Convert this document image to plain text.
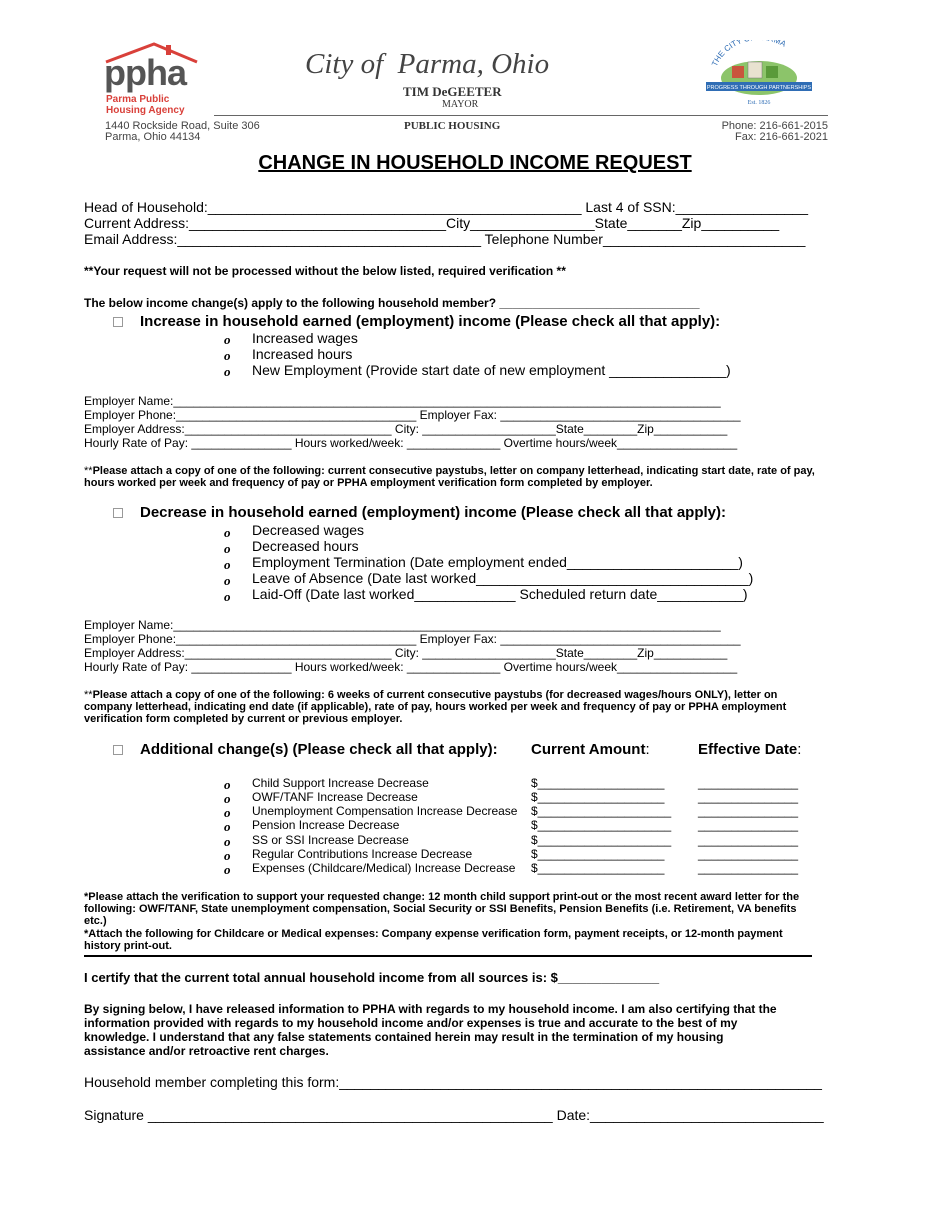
ppha
Parma Public
Housing Agency
City of  Parma, Ohio
TIM DeGEETER
MAYOR
THE CITY MA
PROGRESS THROUGH PARTNERSHIPS
Est. 1826
1440 Rockside Road, Suite 306
Parma, Ohio 44134
PUBLIC HOUSING	Phone: 216-661-2015
Fax: 216-661-2021
CHANGE IN HOUSEHOLD INCOME REQUEST
Head of Household:________________________________________________ Last 4 of SSN:_________________
Current Address:_________________________________City________________State_______Zip__________
Email Address:_______________________________________ Telephone Number__________________________
**Your request will not be processed without the below listed, required verification **
The below income change(s) apply to the following household member? ______________________________
Increase in household earned (employment) income (Please check all that apply):
o Increased wages
o Increased hours
o New Employment (Provide start date of new employment _______________)
Employer Name:__________________________________________________________________________________
Employer Phone:____________________________________ Employer Fax: ____________________________________
Employer Address:_______________________________ City: ____________________State________Zip___________
Hourly Rate of Pay: _______________ Hours worked/week: ______________ Overtime hours/week__________________
**Please attach a copy of one of the following: current consecutive paystubs, letter on company letterhead, indicating start date, rate of pay,
hours worked per week and frequency of pay or PPHA employment verification form completed by employer.
Decrease in household earned (employment) income (Please check all that apply):
o Decreased wages
o Decreased hours
o Employment Termination (Date employment ended______________________)
o Leave of Absence (Date last worked___________________________________)
o Laid-Off (Date last worked_____________ Scheduled return date___________)
Employer Name:__________________________________________________________________________________
Employer Phone:____________________________________ Employer Fax: ____________________________________
Employer Address:_______________________________ City: ____________________State________Zip___________
Hourly Rate of Pay: _______________ Hours worked/week: ______________ Overtime hours/week__________________
**Please attach a copy of one of the following: 6 weeks of current consecutive paystubs (for decreased wages/hours ONLY), letter on
company letterhead, indicating end date (if applicable), rate of pay, hours worked per week and frequency of pay or PPHA employment
verification form completed by current or previous employer.
Additional change(s) (Please check all that apply): Current Amount:	Effective Date:
o Child Support Increase Decrease	$___________________	_______________
o OWF/TANF Increase Decrease	$___________________	_______________
o Unemployment Compensation Increase Decrease $____________________ _______________
o Pension Increase Decrease	$____________________ _______________
o SS or SSI Increase Decrease	$____________________ _______________
o Regular Contributions Increase Decrease	$___________________	_______________
o Expenses (Childcare/Medical) Increase Decrease $___________________	_______________
*Please attach the verification to support your requested change: 12 month child support print-out or the most recent award letter for the
following: OWF/TANF, State unemployment compensation, Social Security or SSI Benefits, Pension Benefits (i.e. Retirement, VA benefits
etc.)
*Attach the following for Childcare or Medical expenses: Company expense verification form, payment receipts, or 12-month payment
history print-out.
I certify that the current total annual household income from all sources is: $______________
By signing below, I have released information to PPHA with regards to my household income. I am also certifying that the
information provided with regards to my household income and/or expenses is true and accurate to the best of my
knowledge. I understand that any false statements contained herein may result in the termination of my housing
assistance and/or retroactive rent charges.
Household member completing this form:______________________________________________________________
Signature ____________________________________________________ Date:______________________________
